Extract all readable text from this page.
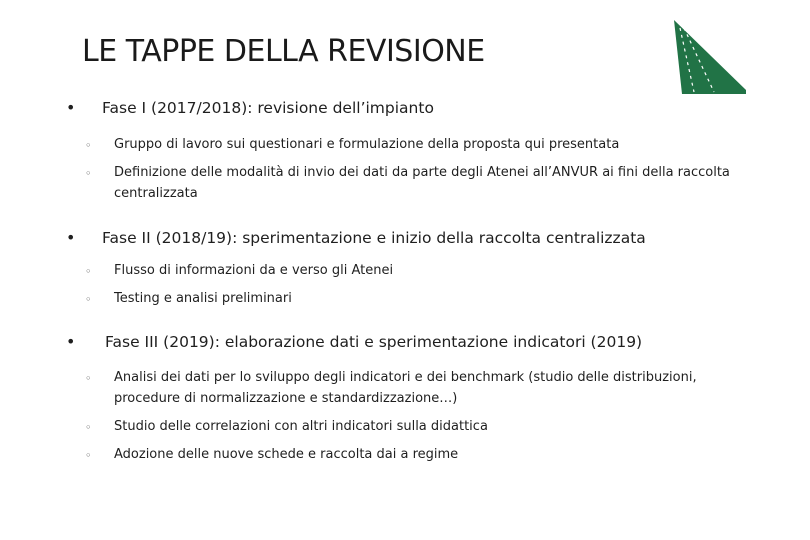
LE TAPPE DELLA REVISIONE
• Fase I (2017/2018): revisione dell’impianto
◦ Gruppo di lavoro sui questionari e formulazione della proposta qui presentata
◦ Definizione delle modalità di invio dei dati da parte degli Atenei all’ANVUR ai fini della raccolta centralizzata
• Fase II (2018/19): sperimentazione e inizio della raccolta centralizzata
◦ Flusso di informazioni da e verso gli Atenei
◦ Testing e analisi preliminari
• Fase III (2019): elaborazione dati e sperimentazione indicatori (2019)
◦ Analisi dei dati per lo sviluppo degli indicatori e dei benchmark (studio delle distribuzioni, procedure di normalizzazione e standardizzazione…)
◦ Studio delle correlazioni con altri indicatori sulla didattica
◦ Adozione delle nuove schede e raccolta dai a regime
